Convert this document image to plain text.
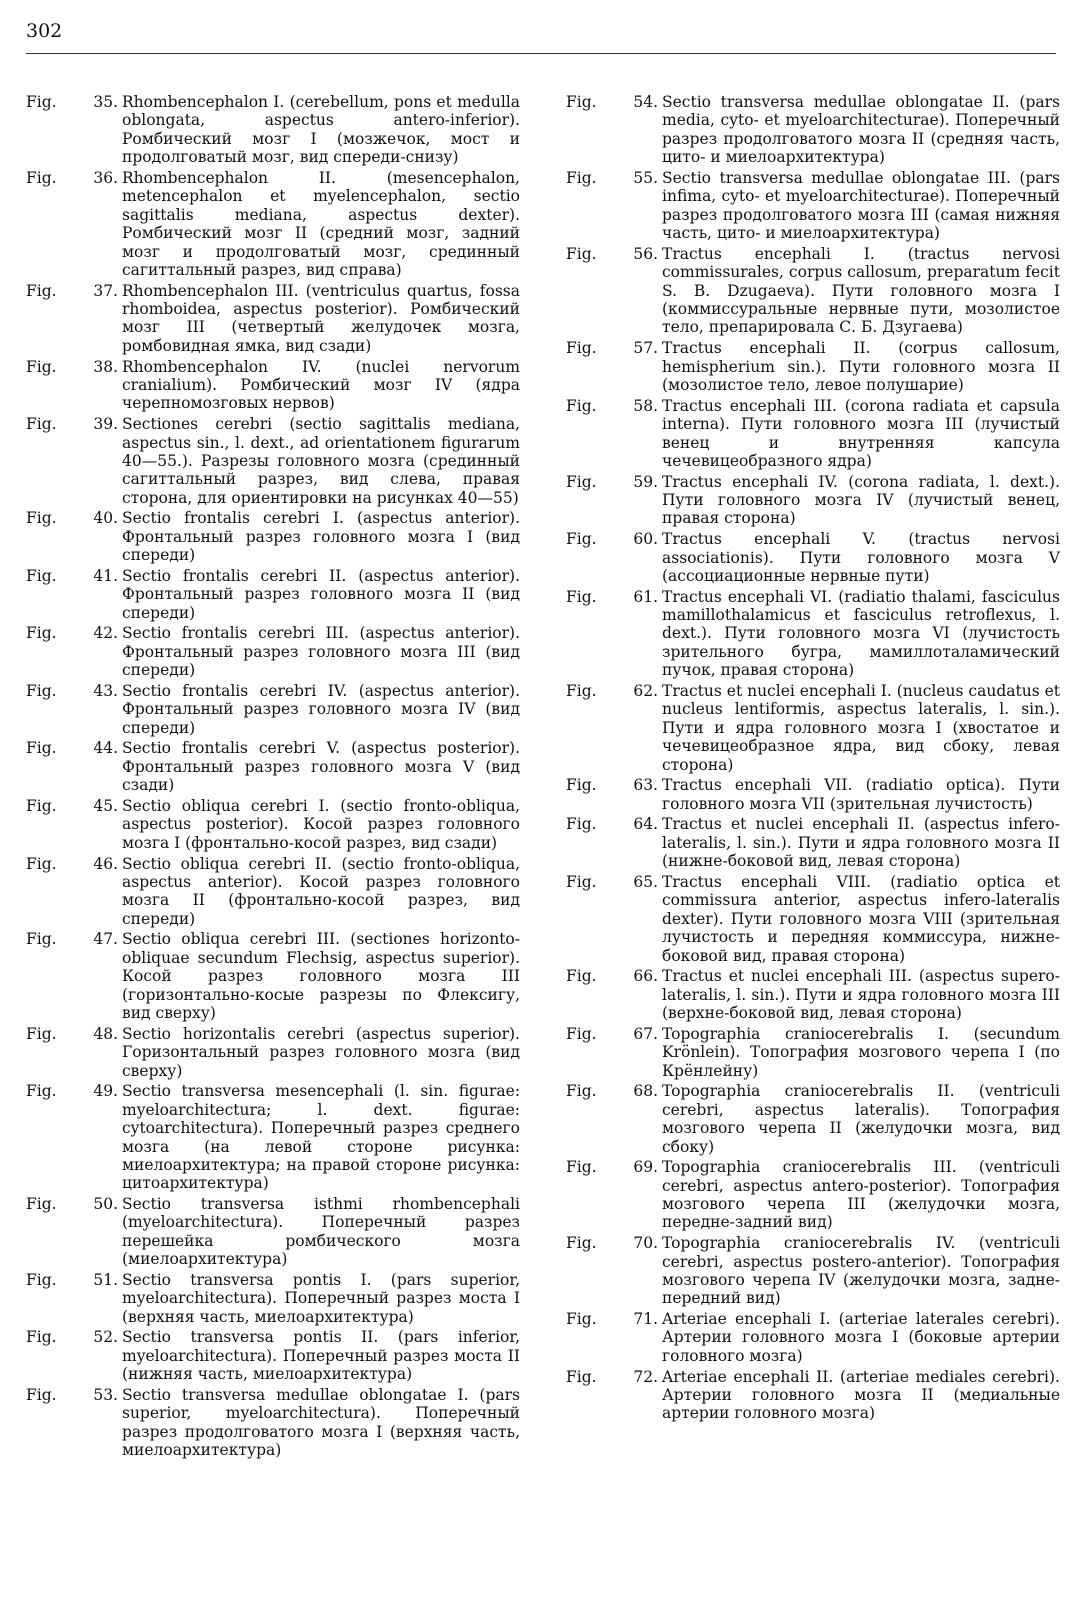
302
Fig.	35. Rhombencephalon I. (cerebellum, pons et medulla oblongata, aspectus antero-inferior). Ромбический мозг I (мозжечок, мост и продолговатый мозг, вид спереди-снизу)
Fig.	36. Rhombencephalon II. (mesencephalon, metencephalon et myelencephalon, sectio sagittalis mediana, aspectus dexter). Ромбический мозг II (средний мозг, задний мозг и продолговатый мозг, срединный сагиттальный разрез, вид справа)
Fig.	37. Rhombencephalon III. (ventriculus quartus, fossa rhomboidea, aspectus posterior). Ромбический мозг III (четвертый желудочек мозга, ромбовидная ямка, вид сзади)
Fig.	38. Rhombencephalon IV. (nuclei nervorum cranialium). Ромбический мозг IV (ядра черепномозговых нервов)
Fig.	39. Sectiones cerebri (sectio sagittalis mediana, aspectus sin., l. dext., ad orientationem figurarum 40—55.). Разрезы головного мозга (срединный сагиттальный разрез, вид слева, правая сторона, для ориентировки на рисунках 40—55)
Fig.	40. Sectio frontalis cerebri I. (aspectus anterior). Фронтальный разрез головного мозга I (вид спереди)
Fig.	41. Sectio frontalis cerebri II. (aspectus anterior). Фронтальный разрез головного мозга II (вид спереди)
Fig.	42. Sectio frontalis cerebri III. (aspectus anterior). Фронтальный разрез головного мозга III (вид спереди)
Fig.	43. Sectio frontalis cerebri IV. (aspectus anterior). Фронтальный разрез головного мозга IV (вид спереди)
Fig.	44. Sectio frontalis cerebri V. (aspectus posterior). Фронтальный разрез головного мозга V (вид сзади)
Fig.	45. Sectio obliqua cerebri I. (sectio fronto-obliqua, aspectus posterior). Косой разрез головного мозга I (фронтально-косой разрез, вид сзади)
Fig.	46. Sectio obliqua cerebri II. (sectio fronto-obliqua, aspectus anterior). Косой разрез головного мозга II (фронтально-косой разрез, вид спереди)
Fig.	47. Sectio obliqua cerebri III. (sectiones horizonto-obliquae secundum Flechsig, aspectus superior). Косой разрез головного мозга III (горизонтально-косые разрезы по Флексигу, вид сверху)
Fig.	48. Sectio horizontalis cerebri (aspectus superior). Горизонтальный разрез головного мозга (вид сверху)
Fig.	49. Sectio transversa mesencephali (l. sin. figurae: myeloarchitectura; l. dext. figurae: cytoarchitectura). Поперечный разрез среднего мозга (на левой стороне рисунка: миелоархитектура; на правой стороне рисунка: цитоархитектура)
Fig.	50. Sectio transversa isthmi rhombencephali (myeloarchitectura). Поперечный разрез перешейка ромбического мозга (миелоархитектура)
Fig.	51. Sectio transversa pontis I. (pars superior, myeloarchitectura). Поперечный разрез моста I (верхняя часть, миелоархитектура)
Fig.	52. Sectio transversa pontis II. (pars inferior, myeloarchitectura). Поперечный разрез моста II (нижняя часть, миелоархитектура)
Fig.	53. Sectio transversa medullae oblongatae I. (pars superior, myeloarchitectura). Поперечный разрез продолговатого мозга I (верхняя часть, миелоархитектура)
Fig.	54. Sectio transversa medullae oblongatae II. (pars media, cyto- et myeloarchitecturae). Поперечный разрез продолговатого мозга II (средняя часть, цито- и миелоархитектура)
Fig.	55. Sectio transversa medullae oblongatae III. (pars infima, cyto- et myeloarchitecturae). Поперечный разрез продолговатого мозга III (самая нижняя часть, цито- и миелоархитектура)
Fig.	56. Tractus encephali I. (tractus nervosi commissurales, corpus callosum, preparatum fecit S. B. Dzugaeva). Пути головного мозга I (коммиссуральные нервные пути, мозолистое тело, препарировала С. Б. Дзугаева)
Fig.	57. Tractus encephali II. (corpus callosum, hemispherium sin.). Пути головного мозга II (мозолистое тело, левое полушарие)
Fig.	58. Tractus encephali III. (corona radiata et capsula interna). Пути головного мозга III (лучистый венец и внутренняя капсула чечевицеобразного ядра)
Fig.	59. Tractus encephali IV. (corona radiata, l. dext.). Пути головного мозга IV (лучистый венец, правая сторона)
Fig.	60. Tractus encephali V. (tractus nervosi associationis). Пути головного мозга V (ассоциационные нервные пути)
Fig.	61. Tractus encephali VI. (radiatio thalami, fasciculus mamillothalamicus et fasciculus retroflexus, l. dext.). Пути головного мозга VI (лучистость зрительного бугра, мамиллоталамический пучок, правая сторона)
Fig.	62. Tractus et nuclei encephali I. (nucleus caudatus et nucleus lentiformis, aspectus lateralis, l. sin.). Пути и ядра головного мозга I (хвостатое и чечевицеобразное ядра, вид сбоку, левая сторона)
Fig.	63. Tractus encephali VII. (radiatio optica). Пути головного мозга VII (зрительная лучистость)
Fig.	64. Tractus et nuclei encephali II. (aspectus infero-lateralis, l. sin.). Пути и ядра головного мозга II (нижне-боковой вид, левая сторона)
Fig.	65. Tractus encephali VIII. (radiatio optica et commissura anterior, aspectus infero-lateralis dexter). Пути головного мозга VIII (зрительная лучистость и передняя коммиссура, нижне-боковой вид, правая сторона)
Fig.	66. Tractus et nuclei encephali III. (aspectus supero-lateralis, l. sin.). Пути и ядра головного мозга III (верхне-боковой вид, левая сторона)
Fig.	67. Topographia craniocerebralis I. (secundum Krönlein). Топография мозгового черепа I (по Крёнлейну)
Fig.	68. Topographia craniocerebralis II. (ventriculi cerebri, aspectus lateralis). Топография мозгового черепа II (желудочки мозга, вид сбоку)
Fig.	69. Topographia craniocerebralis III. (ventriculi cerebri, aspectus antero-posterior). Топография мозгового черепа III (желудочки мозга, передне-задний вид)
Fig.	70. Topographia craniocerebralis IV. (ventriculi cerebri, aspectus postero-anterior). Топография мозгового черепа IV (желудочки мозга, задне-передний вид)
Fig.	71. Arteriae encephali I. (arteriae laterales cerebri). Артерии головного мозга I (боковые артерии головного мозга)
Fig.	72. Arteriae encephali II. (arteriae mediales cerebri). Артерии головного мозга II (медиальные артерии головного мозга)
